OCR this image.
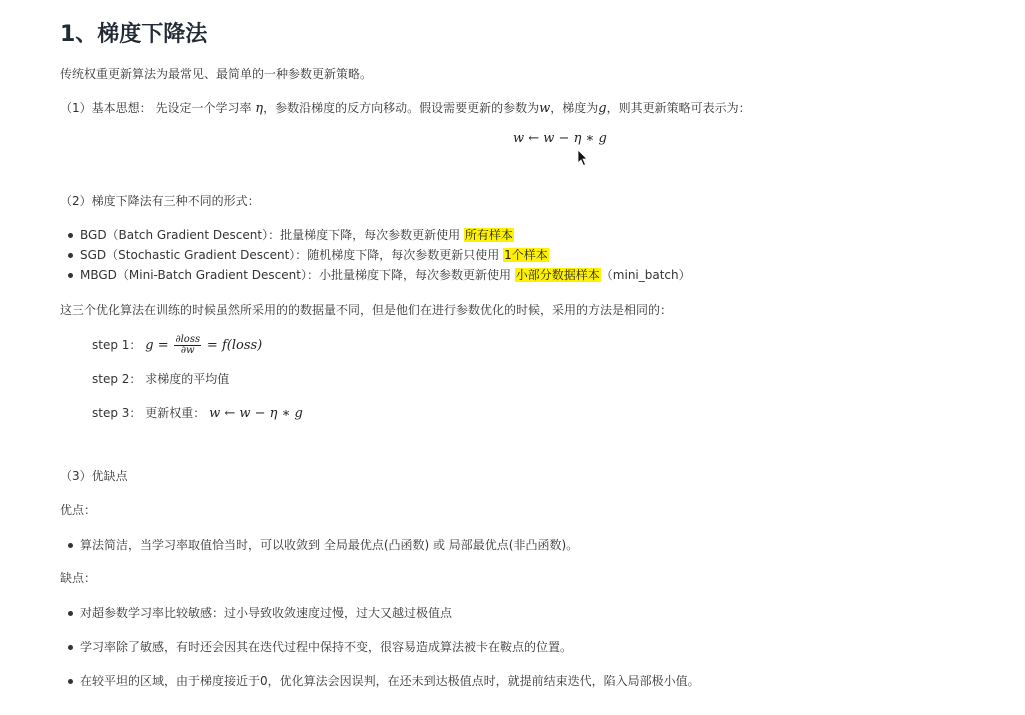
1、梯度下降法
传统权重更新算法为最常见、最简单的一种参数更新策略。
（1）基本思想： 先设定一个学习率 η，参数沿梯度的反方向移动。假设需要更新的参数为w，梯度为g，则其更新策略可表示为：
w ← w − η ∗ g
（2）梯度下降法有三种不同的形式：
BGD（Batch Gradient Descent）：批量梯度下降，每次参数更新使用 所有样本
SGD（Stochastic Gradient Descent）：随机梯度下降，每次参数更新只使用 1个样本
MBGD（Mini-Batch Gradient Descent）：小批量梯度下降，每次参数更新使用 小部分数据样本（mini_batch）
这三个优化算法在训练的时候虽然所采用的的数据量不同，但是他们在进行参数优化的时候，采用的方法是相同的：
step 1： $g = \frac{\text{∂loss}}{\partial w}$ = f(loss)
step 2： 求梯度的平均值
step 3： 更新权重： w ← w − η ∗ g
（3）优缺点
优点：
算法简洁，当学习率取值恰当时，可以收敛到 全局最优点(凸函数) 或 局部最优点(非凸函数)。
缺点：
对超参数学习率比较敏感：过小导致收敛速度过慢，过大又越过极值点
学习率除了敏感，有时还会因其在迭代过程中保持不变，很容易造成算法被卡在鞍点的位置。
在较平坦的区域，由于梯度接近于0，优化算法会因误判，在还未到达极值点时，就提前结束迭代，陷入局部极小值。
